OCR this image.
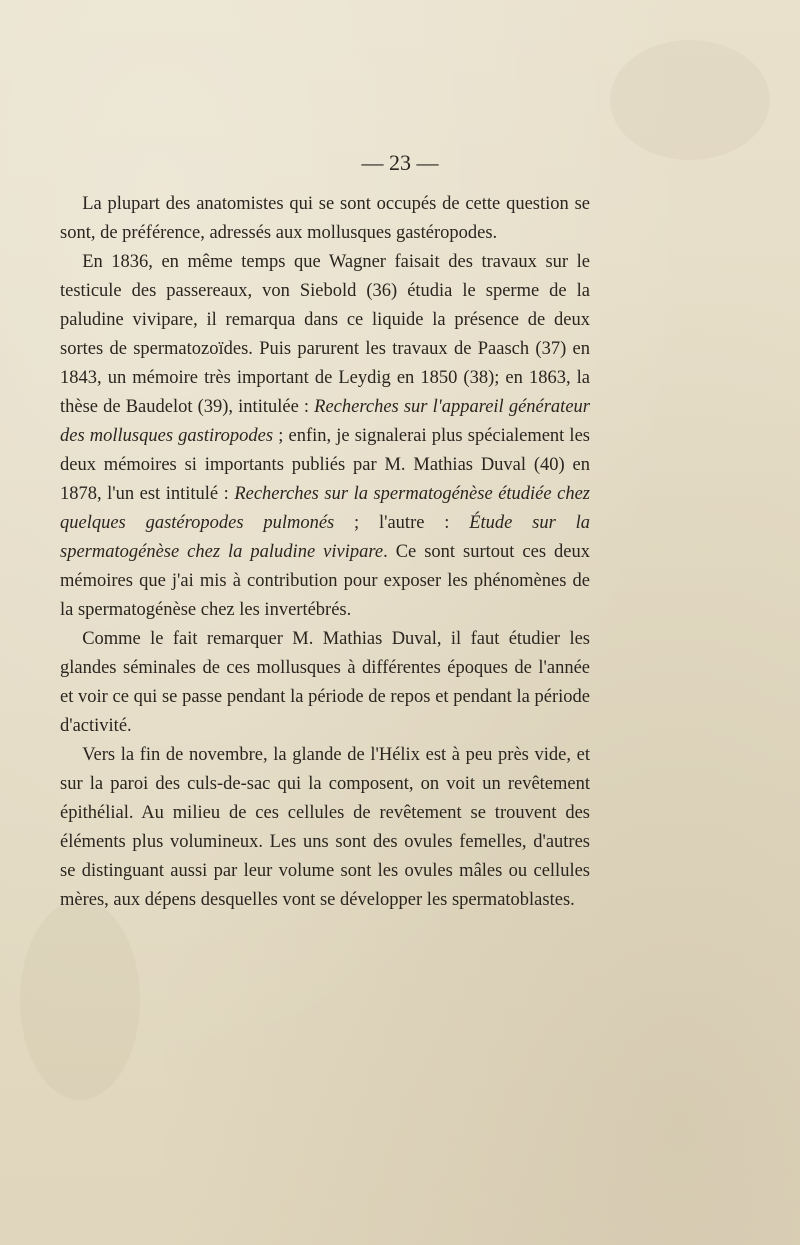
— 23 —

La plupart des anatomistes qui se sont occupés de cette question se sont, de préférence, adressés aux mollusques gastéropodes.

En 1836, en même temps que Wagner faisait des travaux sur le testicule des passereaux, von Siebold (36) étudia le sperme de la paludine vivipare, il remarqua dans ce liquide la présence de deux sortes de spermatozoïdes. Puis parurent les travaux de Paasch (37) en 1843, un mémoire très important de Leydig en 1850 (38); en 1863, la thèse de Baudelot (39), intitulée : Recherches sur l'appareil générateur des mollusques gastiropodes ; enfin, je signalerai plus spécialement les deux mémoires si importants publiés par M. Mathias Duval (40) en 1878, l'un est intitulé : Recherches sur la spermatogénèse étudiée chez quelques gastéropodes pulmonés ; l'autre : Étude sur la spermatogénèse chez la paludine vivipare. Ce sont surtout ces deux mémoires que j'ai mis à contribution pour exposer les phénomènes de la spermatogénèse chez les invertébrés.

Comme le fait remarquer M. Mathias Duval, il faut étudier les glandes séminales de ces mollusques à différentes époques de l'année et voir ce qui se passe pendant la période de repos et pendant la période d'activité.

Vers la fin de novembre, la glande de l'Hélix est à peu près vide, et sur la paroi des culs-de-sac qui la composent, on voit un revêtement épithélial. Au milieu de ces cellules de revêtement se trouvent des éléments plus volumineux. Les uns sont des ovules femelles, d'autres se distinguant aussi par leur volume sont les ovules mâles ou cellules mères, aux dépens desquelles vont se développer les spermatoblastes.
